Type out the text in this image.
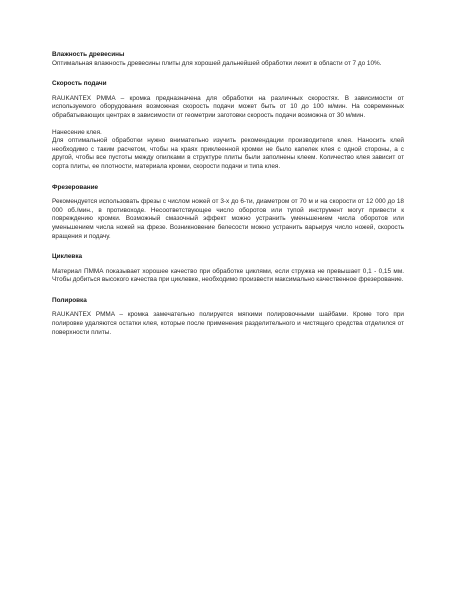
Влажность древесины

Оптимальная влажность древесины плиты для хорошей дальнейшей обработки лежит в области от 7 до 10%.

Скорость подачи

RAUKANTEX PMMA – кромка предназначена для обработки на различных скоростях. В зависимости от используемого оборудования возможная скорость подачи может быть от 10 до 100 м/мин. На современных обрабатывающих центрах в зависимости от геометрии заготовки скорость подачи возможна от 30 м/мин.

Нанесение клея.

Для оптимальной обработки нужно внимательно изучить рекомендации производителя клея. Наносить клей необходимо с таким расчетом, чтобы на краях приклеенной кромки не было капелек клея с одной стороны, а с другой, чтобы все пустоты между опилками в структуре плиты были заполнены клеем. Количество клея зависит от сорта плиты, ее плотности, материала кромки, скорости подачи и типа клея.

Фрезерование

Рекомендуется использовать фрезы с числом ножей от 3-х до 6-ти, диаметром от 70 м и на скорости от 12 000 до 18 000 об./мин., в противоходе. Несоответствующее число оборотов или тупой инструмент могут привести к повреждению кромки. Возможный смазочный эффект можно устранить уменьшением числа оборотов или уменьшением числа ножей на фрезе. Возникновение белесости можно устранить варьируя число ножей, скорость вращения и подачу.

Циклевка

Материал ПММА показывает хорошее качество при обработке циклями, если стружка не превышает 0,1 - 0,15 мм. Чтобы добиться высокого качества при циклевке, необходимо произвести максимально качественное фрезерование.

Полировка

RAUKANTEX PMMA – кромка замечательно полируется мягкими полировочными шайбами. Кроме того при полировке удаляются остатки клея, которые после применения разделительного и чистящего средства отделился от поверхности плиты.
